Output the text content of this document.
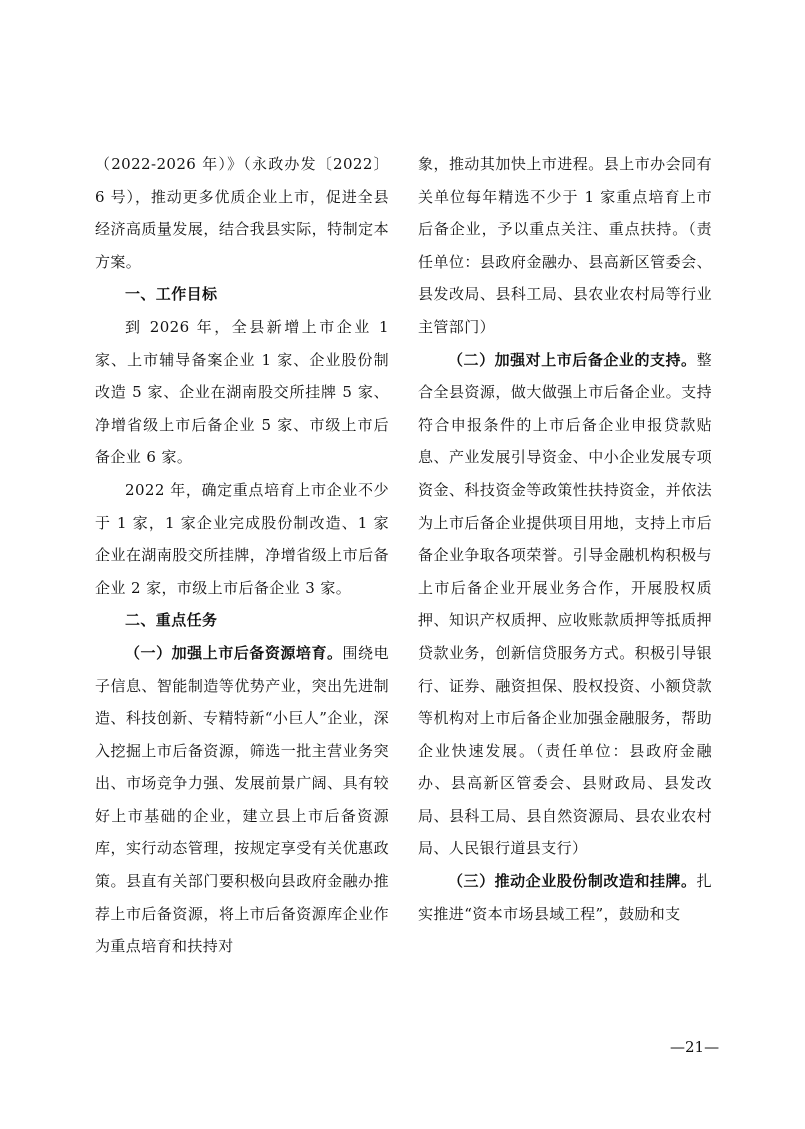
（2022-2026 年）》（永政办发〔2022〕6 号），推动更多优质企业上市，促进全县经济高质量发展，结合我县实际，特制定本方案。

一、工作目标

到 2026 年，全县新增上市企业 1 家、上市辅导备案企业 1 家、企业股份制改造 5 家、企业在湖南股交所挂牌 5 家、净增省级上市后备企业 5 家、市级上市后备企业 6 家。

2022 年，确定重点培育上市企业不少于 1 家，1 家企业完成股份制改造、1 家企业在湖南股交所挂牌，净增省级上市后备企业 2 家，市级上市后备企业 3 家。

二、重点任务

（一）加强上市后备资源培育。围绕电子信息、智能制造等优势产业，突出先进制造、科技创新、专精特新“小巨人”企业，深入挖掘上市后备资源，筛选一批主营业务突出、市场竞争力强、发展前景广阔、具有较好上市基础的企业，建立县上市后备资源库，实行动态管理，按规定享受有关优惠政策。县直有关部门要积极向县政府金融办推荐上市后备资源，将上市后备资源库企业作为重点培育和扶持对

象，推动其加快上市进程。县上市办会同有关单位每年精选不少于 1 家重点培育上市后备企业，予以重点关注、重点扶持。（责任单位：县政府金融办、县高新区管委会、县发改局、县科工局、县农业农村局等行业主管部门）

（二）加强对上市后备企业的支持。整合全县资源，做大做强上市后备企业。支持符合申报条件的上市后备企业申报贷款贴息、产业发展引导资金、中小企业发展专项资金、科技资金等政策性扶持资金，并依法为上市后备企业提供项目用地，支持上市后备企业争取各项荣誉。引导金融机构积极与上市后备企业开展业务合作，开展股权质押、知识产权质押、应收账款质押等抵质押贷款业务，创新信贷服务方式。积极引导银行、证券、融资担保、股权投资、小额贷款等机构对上市后备企业加强金融服务，帮助企业快速发展。（责任单位：县政府金融办、县高新区管委会、县财政局、县发改局、县科工局、县自然资源局、县农业农村局、人民银行道县支行）

（三）推动企业股份制改造和挂牌。扎实推进“资本市场县域工程”，鼓励和支

—21—
